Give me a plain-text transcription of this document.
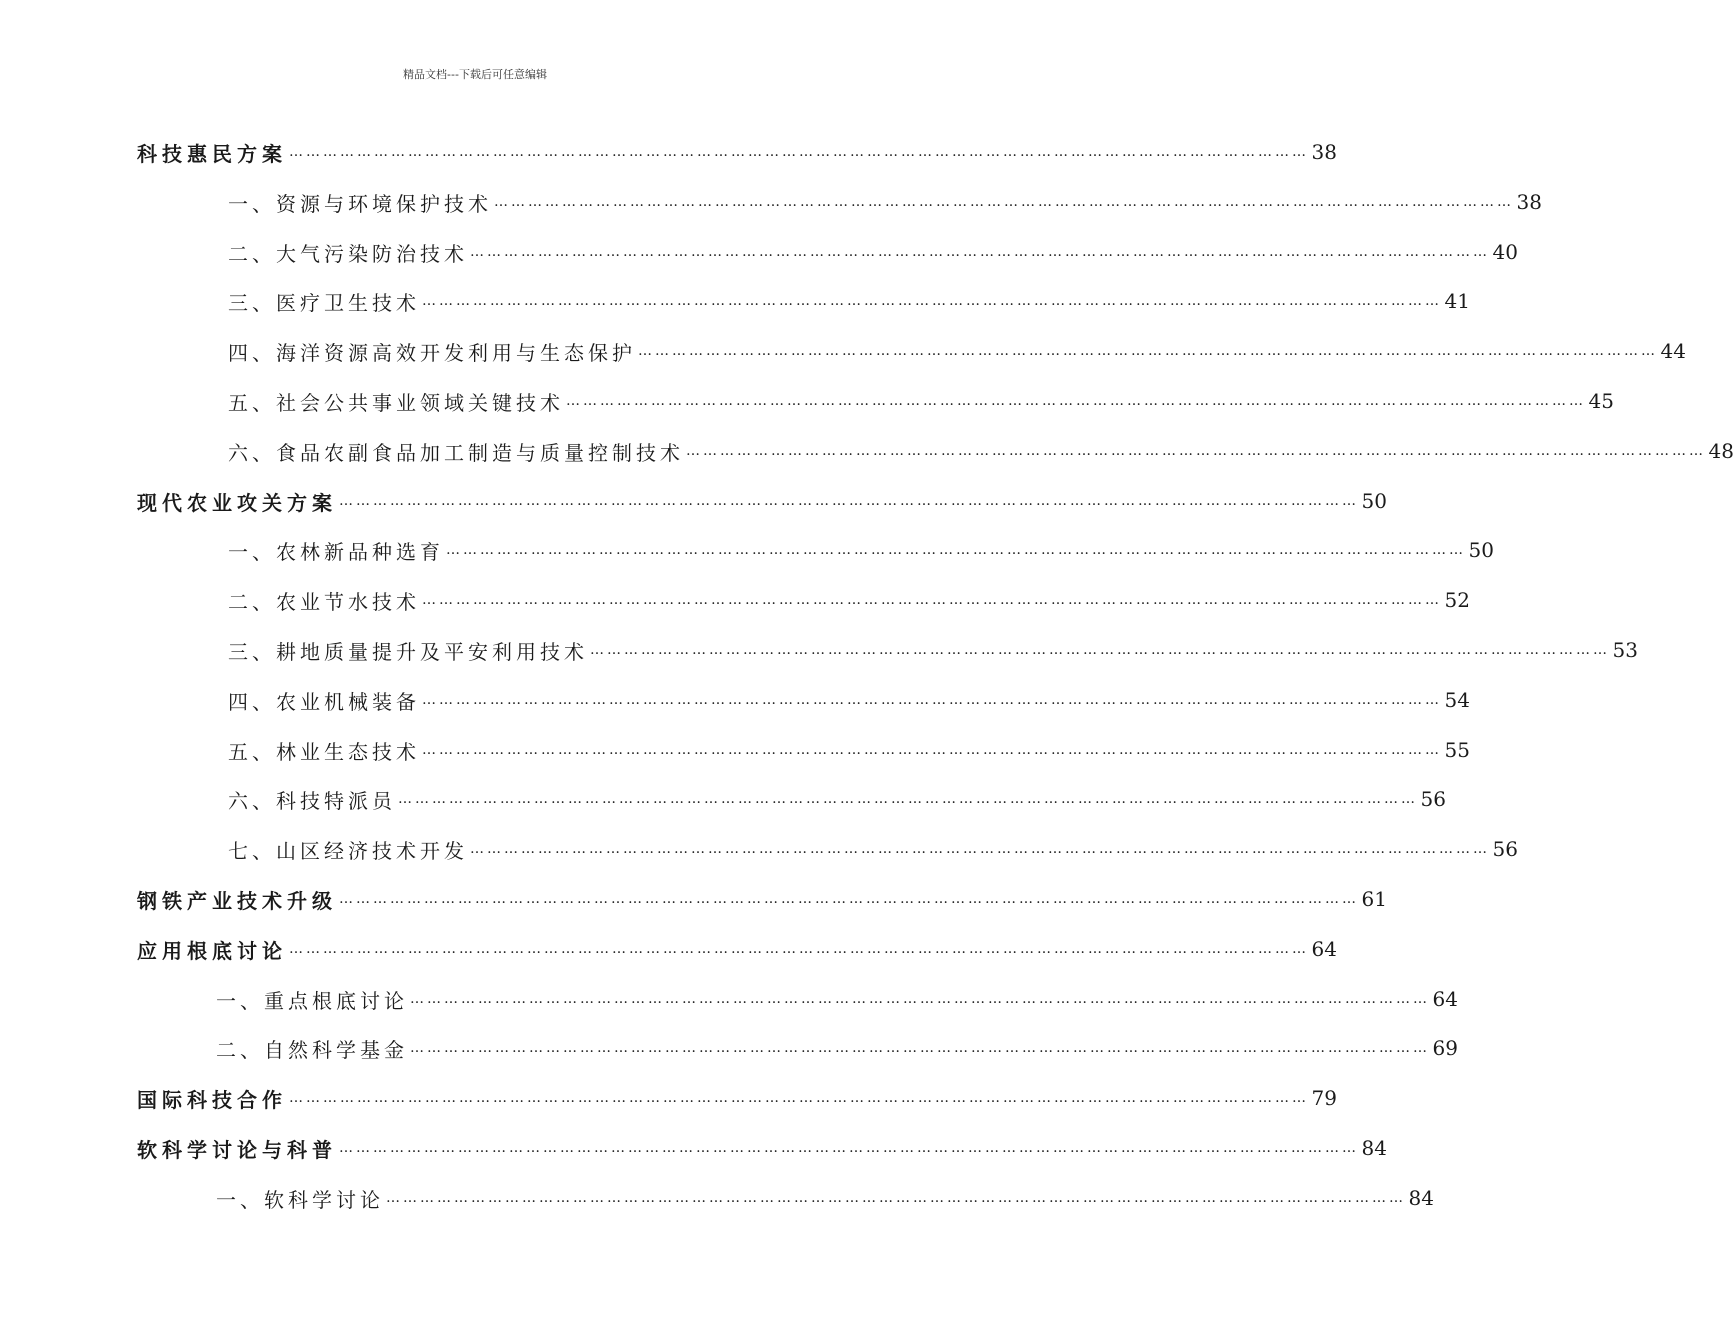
精品文档---下载后可任意编辑
科技惠民方案 ……………………………………………………………………………………………………………………………………………………………… 38
一、资源与环境保护技术 ……………………………………………………………………………………………………………………………………………………………… 38
二、大气污染防治技术 ……………………………………………………………………………………………………………………………………………………………… 40
三、医疗卫生技术 ……………………………………………………………………………………………………………………………………………………………… 41
四、海洋资源高效开发利用与生态保护 ……………………………………………………………………………………………………………………………………………………………… 44
五、社会公共事业领域关键技术 ……………………………………………………………………………………………………………………………………………………………… 45
六、食品农副食品加工制造与质量控制技术 ……………………………………………………………………………………………………………………………………………………………… 48
现代农业攻关方案 ……………………………………………………………………………………………………………………………………………………………… 50
一、农林新品种选育 ……………………………………………………………………………………………………………………………………………………………… 50
二、农业节水技术 ……………………………………………………………………………………………………………………………………………………………… 52
三、耕地质量提升及平安利用技术 ……………………………………………………………………………………………………………………………………………………………… 53
四、农业机械装备 ……………………………………………………………………………………………………………………………………………………………… 54
五、林业生态技术 ……………………………………………………………………………………………………………………………………………………………… 55
六、科技特派员 ……………………………………………………………………………………………………………………………………………………………… 56
七、山区经济技术开发 ……………………………………………………………………………………………………………………………………………………………… 56
钢铁产业技术升级 ……………………………………………………………………………………………………………………………………………………………… 61
应用根底讨论 ……………………………………………………………………………………………………………………………………………………………… 64
一、重点根底讨论 ……………………………………………………………………………………………………………………………………………………………… 64
二、自然科学基金 ……………………………………………………………………………………………………………………………………………………………… 69
国际科技合作 ……………………………………………………………………………………………………………………………………………………………… 79
软科学讨论与科普 ……………………………………………………………………………………………………………………………………………………………… 84
一、软科学讨论 ……………………………………………………………………………………………………………………………………………………………… 84
